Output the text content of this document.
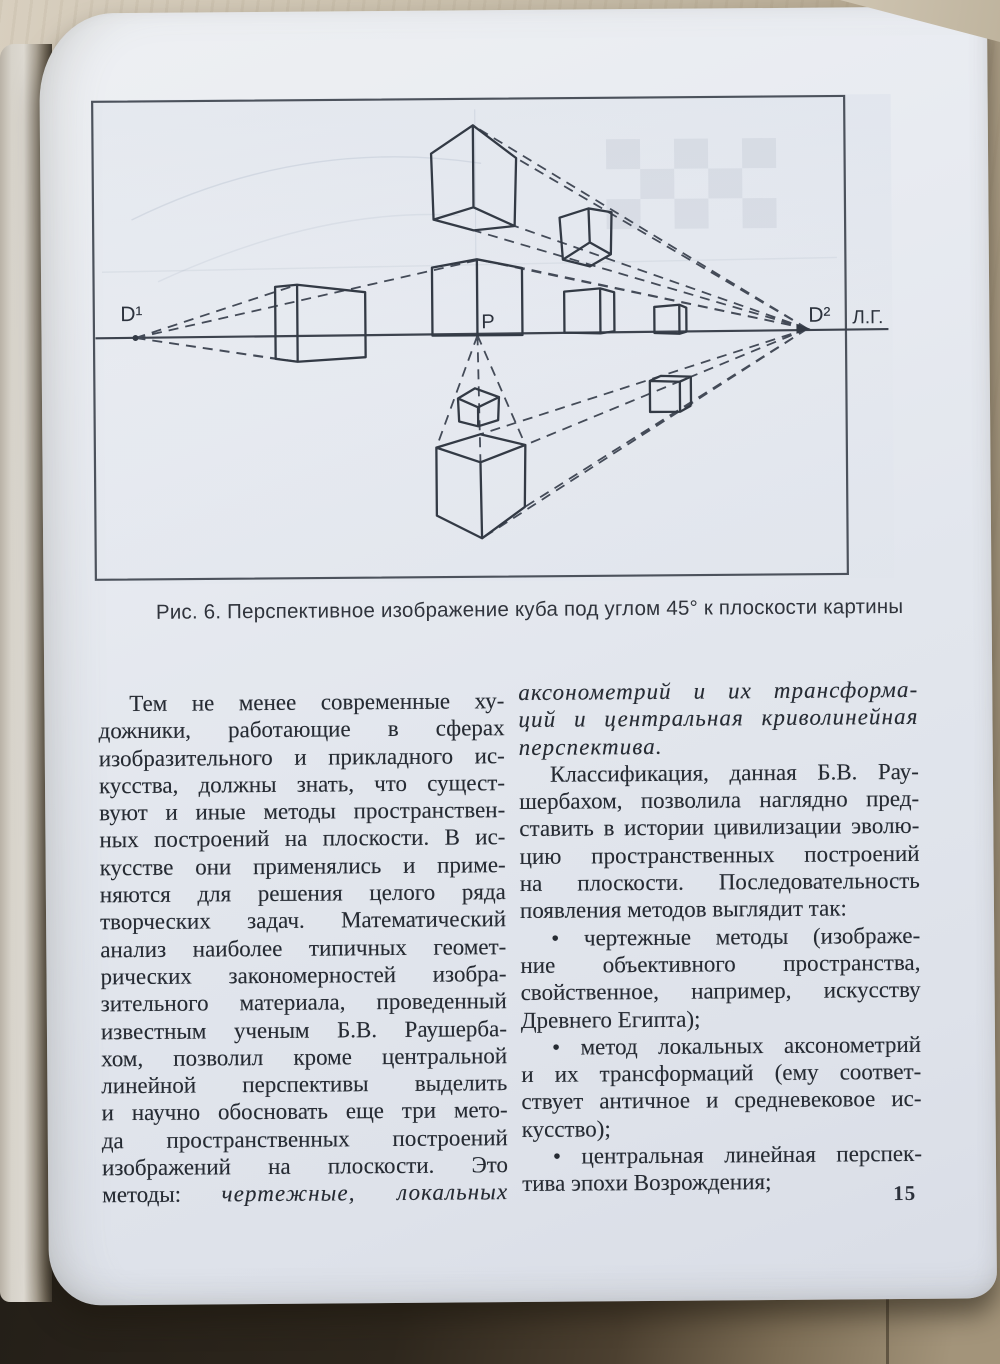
D¹	P	D² Л.Г.
Рис. 6. Перспективное изображение куба под углом 45° к плоскости картины
Тем не менее современные ху-
дожники, работающие в сферах
изобразительного и прикладного ис-
кусства, должны знать, что сущест-
вуют и иные методы пространствен-
ных построений на плоскости. В ис-
кусстве они применялись и приме-
няются для решения целого ряда
творческих задач. Математический
анализ наиболее типичных геомет-
рических закономерностей изобра-
зительного материала, проведенный
известным ученым Б.В. Раушерба-
хом, позволил кроме центральной
линейной перспективы выделить
и научно обосновать еще три мето-
да пространственных построений
изображений на плоскости. Это
методы: чертежные, локальных
аксонометрий и их трансформа-
ций и центральная криволинейная
перспектива.
Классификация, данная Б.В. Рау-
шербахом, позволила наглядно пред-
ставить в истории цивилизации эволю-
цию пространственных построений
на плоскости. Последовательность
появления методов выглядит так:
• чертежные методы (изображе-
ние объективного пространства,
свойственное, например, искусству
Древнего Египта);
• метод локальных аксонометрий
и их трансформаций (ему соответ-
ствует античное и средневековое ис-
кусство);
• центральная линейная перспек-
тива эпохи Возрождения;	15
